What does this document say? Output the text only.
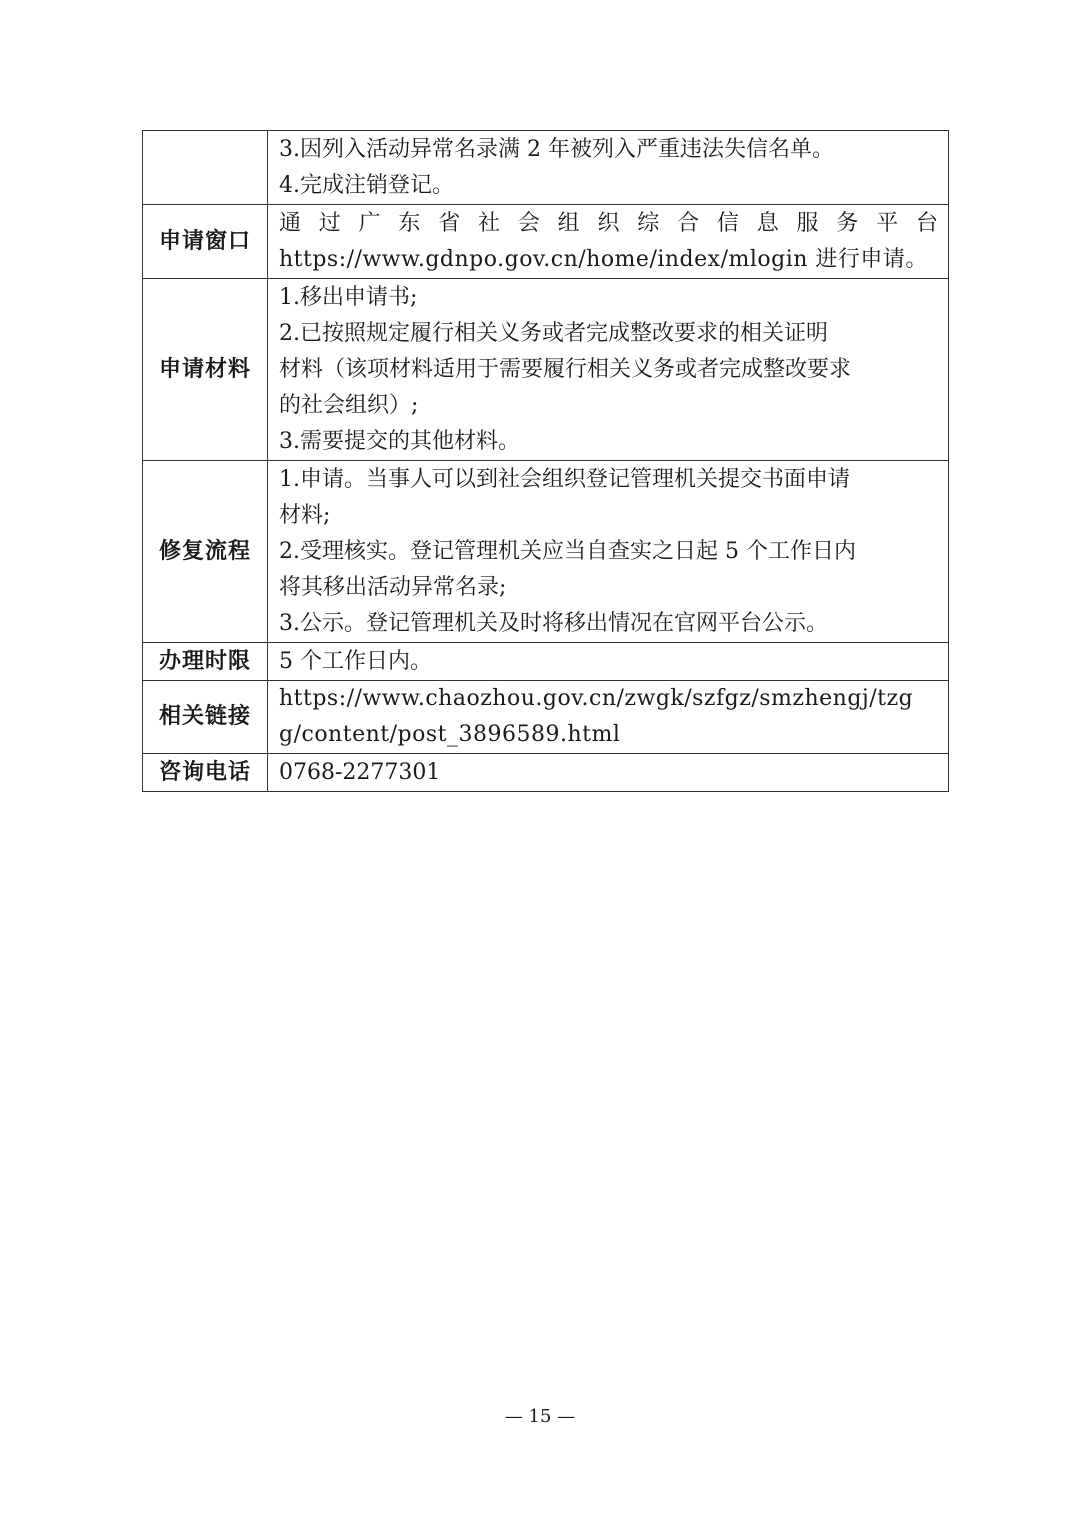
	3.因列入活动异常名录满 2 年被列入严重违法失信名单。
4.完成注销登记。

申请窗口	通过广东省社会组织综合信息服务平台
https://www.gdnpo.gov.cn/home/index/mlogin 进行申请。

申请材料	1.移出申请书;
2.已按照规定履行相关义务或者完成整改要求的相关证明
材料（该项材料适用于需要履行相关义务或者完成整改要求
的社会组织）;
3.需要提交的其他材料。

修复流程	1.申请。当事人可以到社会组织登记管理机关提交书面申请
材料;
2.受理核实。登记管理机关应当自查实之日起 5 个工作日内
将其移出活动异常名录;
3.公示。登记管理机关及时将移出情况在官网平台公示。

办理时限	5 个工作日内。

相关链接	https://www.chaozhou.gov.cn/zwgk/szfgz/smzhengj/tzg
g/content/post_3896589.html

咨询电话	0768-2277301
— 15 —
